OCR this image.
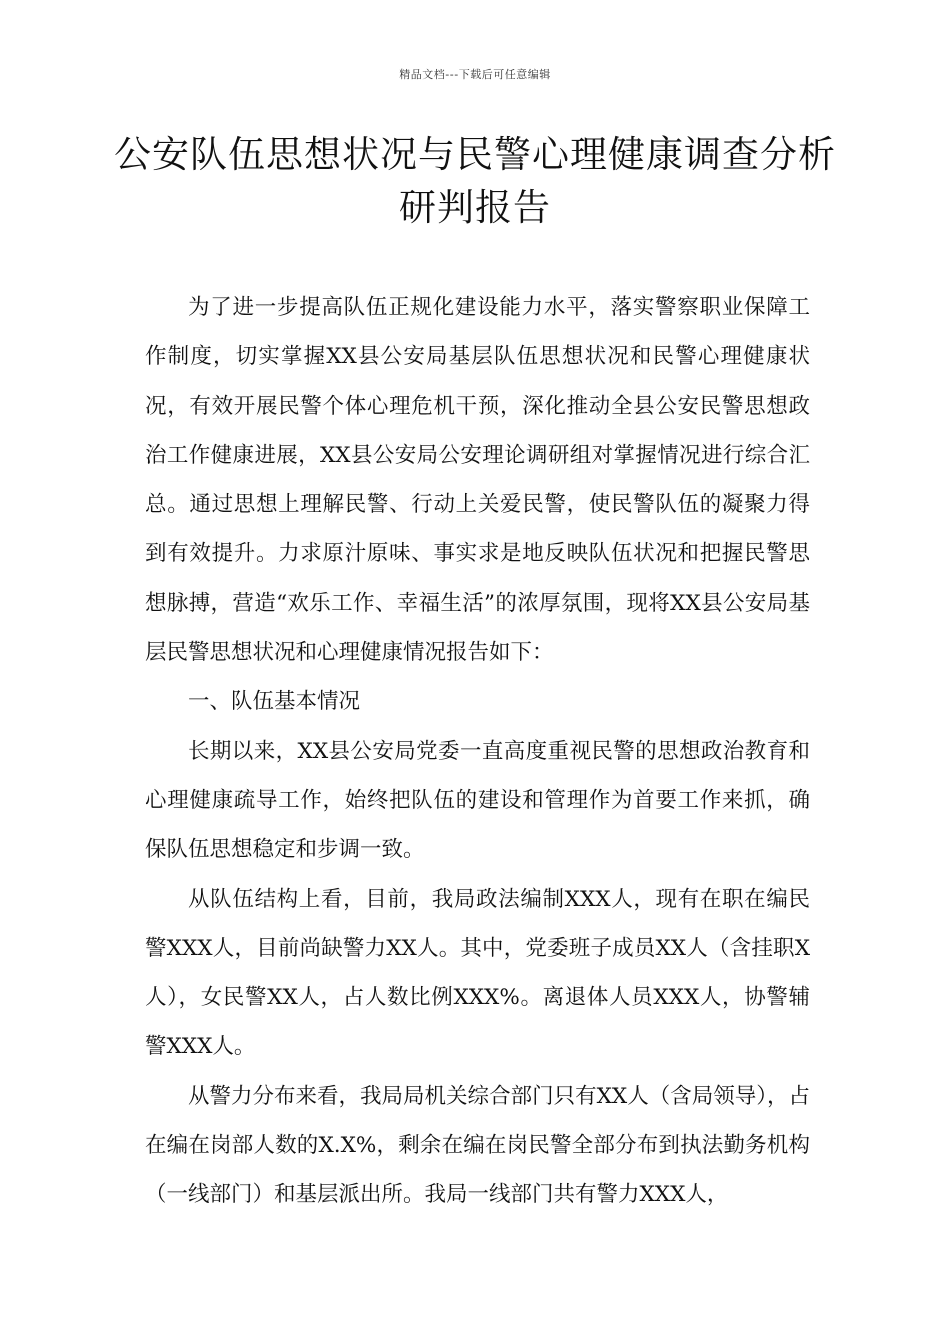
精品文档---下载后可任意编辑
公安队伍思想状况与民警心理健康调查分析研判报告

为了进一步提高队伍正规化建设能力水平，落实警察职业保障工作制度，切实掌握XX县公安局基层队伍思想状况和民警心理健康状况，有效开展民警个体心理危机干预，深化推动全县公安民警思想政治工作健康进展，XX县公安局公安理论调研组对掌握情况进行综合汇总。通过思想上理解民警、行动上关爱民警，使民警队伍的凝聚力得到有效提升。力求原汁原味、事实求是地反映队伍状况和把握民警思想脉搏，营造“欢乐工作、幸福生活”的浓厚氛围，现将XX县公安局基层民警思想状况和心理健康情况报告如下：

一、队伍基本情况

长期以来，XX县公安局党委一直高度重视民警的思想政治教育和心理健康疏导工作，始终把队伍的建设和管理作为首要工作来抓，确保队伍思想稳定和步调一致。

从队伍结构上看，目前，我局政法编制XXX人，现有在职在编民警XXX人，目前尚缺警力XX人。其中，党委班子成员XX人（含挂职X人），女民警XX人，占人数比例XXX%。离退体人员XXX人，协警辅警XXX人。

从警力分布来看，我局局机关综合部门只有XX人（含局领导），占在编在岗部人数的X.X%，剩余在编在岗民警全部分布到执法勤务机构（一线部门）和基层派出所。我局一线部门共有警力XXX人，
